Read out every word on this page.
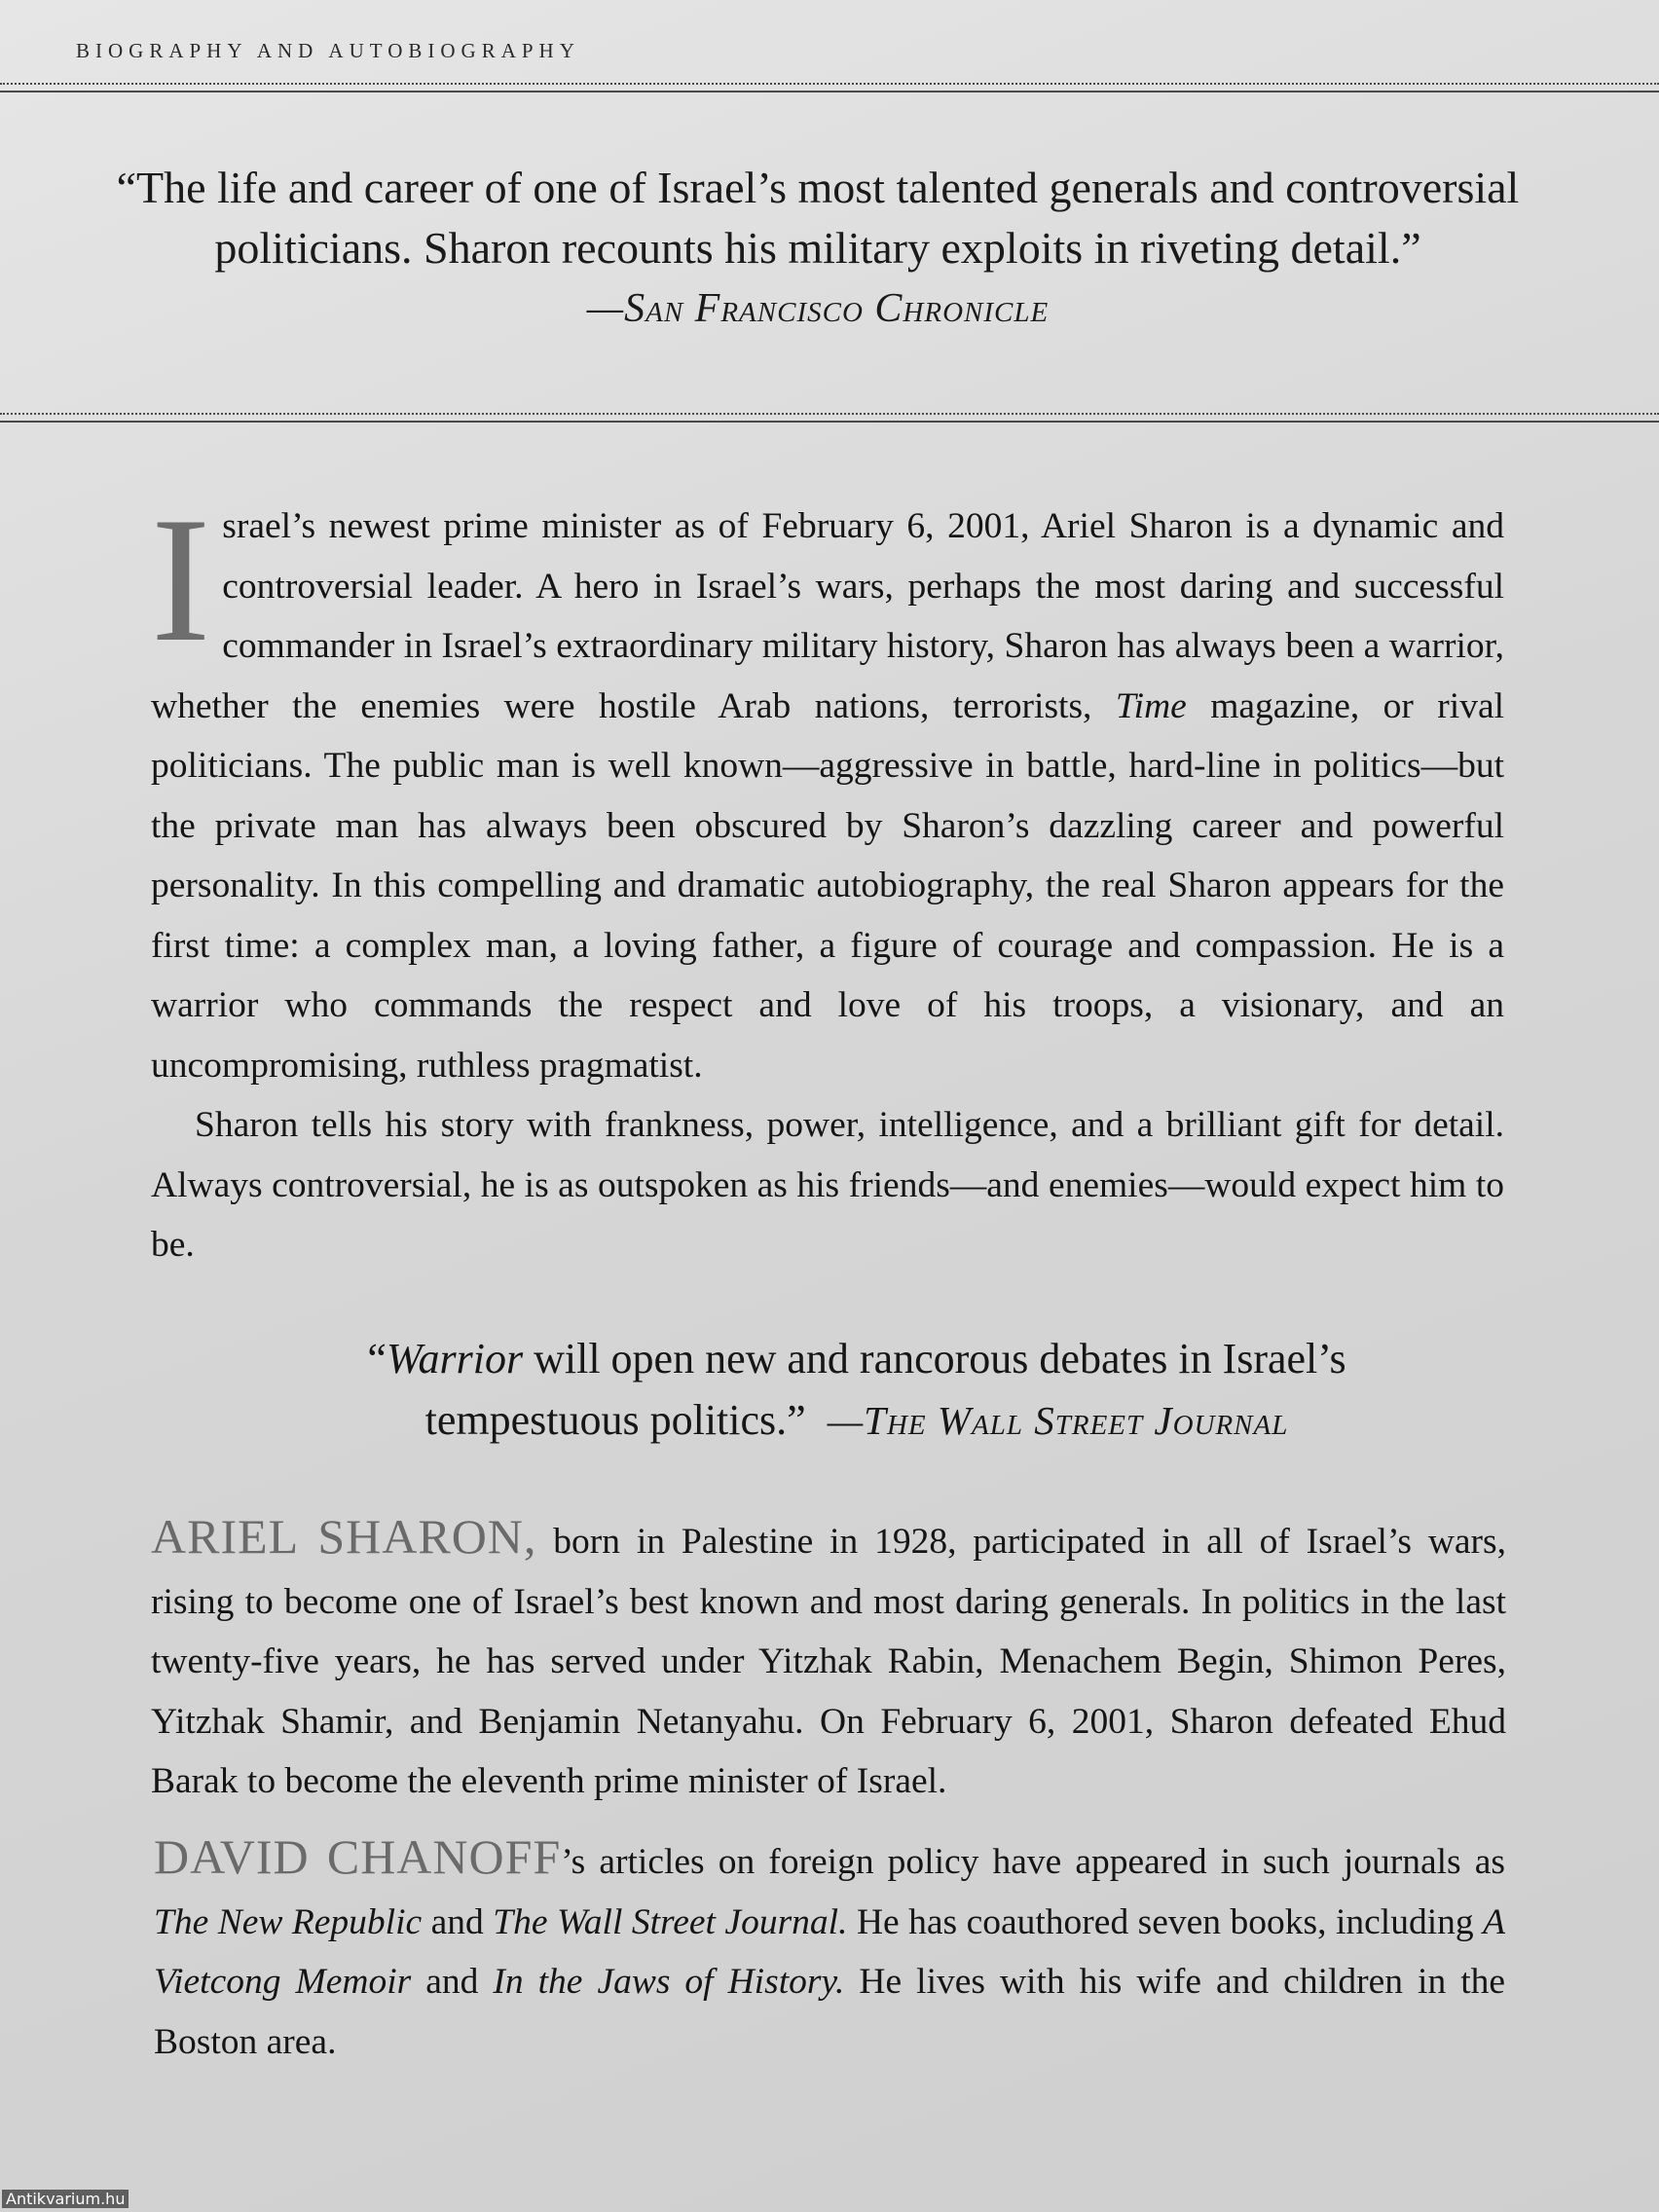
BIOGRAPHY AND AUTOBIOGRAPHY
“The life and career of one of Israel’s most talented generals and controversial
politicians. Sharon recounts his military exploits in riveting detail.”
—San Francisco Chronicle

Israel’s newest prime minister as of February 6, 2001, Ariel Sharon is a dynamic and controversial leader. A hero in Israel’s wars, perhaps the most daring and successful commander in Israel’s extraordinary military history, Sharon has always been a warrior, whether the enemies were hostile Arab nations, terrorists, Time magazine, or rival politicians. The public man is well known—aggressive in battle, hard-line in politics—but the private man has always been obscured by Sharon’s dazzling career and powerful personality. In this compelling and dramatic autobiography, the real Sharon appears for the first time: a complex man, a loving father, a figure of courage and compassion. He is a warrior who commands the respect and love of his troops, a visionary, and an uncompromising, ruthless pragmatist.

Sharon tells his story with frankness, power, intelligence, and a brilliant gift for detail. Always controversial, he is as outspoken as his friends—and enemies—would expect him to be.

“Warrior will open new and rancorous debates in Israel’s
tempestuous politics.” —The Wall Street Journal

ARIEL SHARON, born in Palestine in 1928, participated in all of Israel’s wars, rising to become one of Israel’s best known and most daring generals. In politics in the last twenty-five years, he has served under Yitzhak Rabin, Menachem Begin, Shimon Peres, Yitzhak Shamir, and Benjamin Netanyahu. On February 6, 2001, Sharon defeated Ehud Barak to become the eleventh prime minister of Israel.

DAVID CHANOFF’s articles on foreign policy have appeared in such journals as The New Republic and The Wall Street Journal. He has coauthored seven books, including A Vietcong Memoir and In the Jaws of History. He lives with his wife and children in the Boston area.

Antikvarium.hu
